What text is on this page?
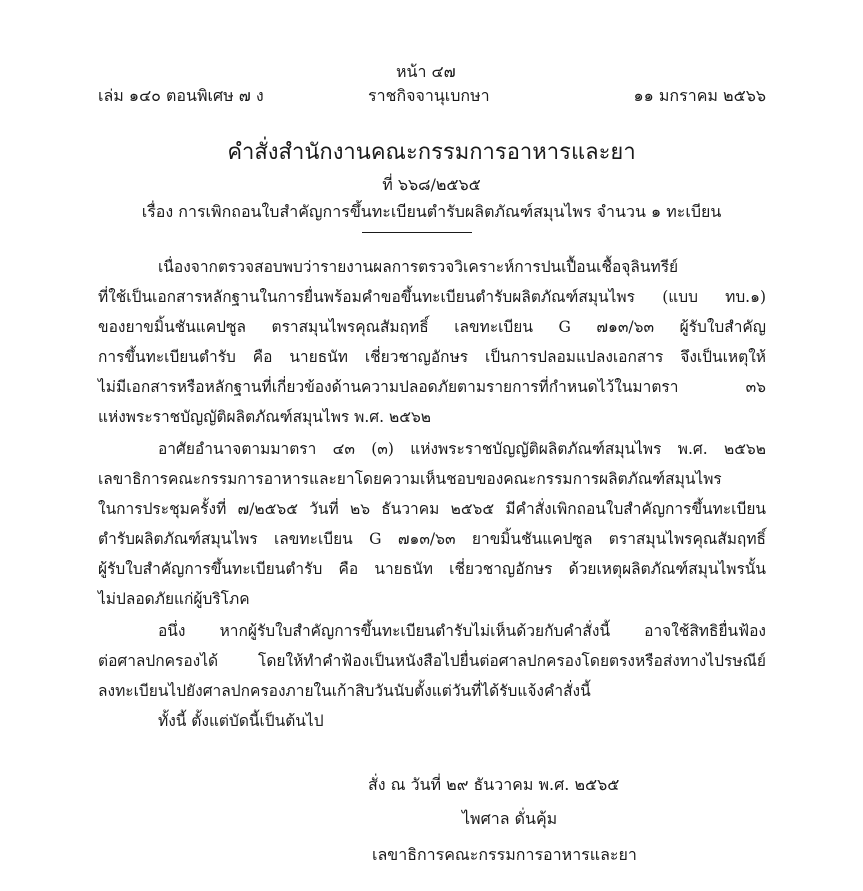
หน้า ๔๗
เล่ม ๑๔๐ ตอนพิเศษ ๗ ง	ราชกิจจานุเบกษา	๑๑ มกราคม ๒๕๖๖
คำสั่งสำนักงานคณะกรรมการอาหารและยา
ที่ ๖๖๘/๒๕๖๕
เรื่อง การเพิกถอนใบสำคัญการขึ้นทะเบียนตำรับผลิตภัณฑ์สมุนไพร จำนวน ๑ ทะเบียน
เนื่องจากตรวจสอบพบว่ารายงานผลการตรวจวิเคราะห์การปนเปื้อนเชื้อจุลินทรีย์
ที่ใช้เป็นเอกสารหลักฐานในการยื่นพร้อมคำขอขึ้นทะเบียนตำรับผลิตภัณฑ์สมุนไพร (แบบ ทบ.๑)
ของยาขมิ้นชันแคปซูล ตราสมุนไพรคุณสัมฤทธิ์ เลขทะเบียน G ๗๑๓/๖๓ ผู้รับใบสำคัญ
การขึ้นทะเบียนตำรับ คือ นายธนัท เชี่ยวชาญอักษร เป็นการปลอมแปลงเอกสาร จึงเป็นเหตุให้
ไม่มีเอกสารหรือหลักฐานที่เกี่ยวข้องด้านความปลอดภัยตามรายการที่กำหนดไว้ในมาตรา ๓๖
แห่งพระราชบัญญัติผลิตภัณฑ์สมุนไพร พ.ศ. ๒๕๖๒
อาศัยอำนาจตามมาตรา ๔๓ (๓) แห่งพระราชบัญญัติผลิตภัณฑ์สมุนไพร พ.ศ. ๒๕๖๒
เลขาธิการคณะกรรมการอาหารและยาโดยความเห็นชอบของคณะกรรมการผลิตภัณฑ์สมุนไพร
ในการประชุมครั้งที่ ๗/๒๕๖๕ วันที่ ๒๖ ธันวาคม ๒๕๖๕ มีคำสั่งเพิกถอนใบสำคัญการขึ้นทะเบียน
ตำรับผลิตภัณฑ์สมุนไพร เลขทะเบียน G ๗๑๓/๖๓ ยาขมิ้นชันแคปซูล ตราสมุนไพรคุณสัมฤทธิ์
ผู้รับใบสำคัญการขึ้นทะเบียนตำรับ คือ นายธนัท เชี่ยวชาญอักษร ด้วยเหตุผลิตภัณฑ์สมุนไพรนั้น
ไม่ปลอดภัยแก่ผู้บริโภค
อนึ่ง หากผู้รับใบสำคัญการขึ้นทะเบียนตำรับไม่เห็นด้วยกับคำสั่งนี้ อาจใช้สิทธิยื่นฟ้อง
ต่อศาลปกครองได้ โดยให้ทำคำฟ้องเป็นหนังสือไปยื่นต่อศาลปกครองโดยตรงหรือส่งทางไปรษณีย์
ลงทะเบียนไปยังศาลปกครองภายในเก้าสิบวันนับตั้งแต่วันที่ได้รับแจ้งคำสั่งนี้
ทั้งนี้ ตั้งแต่บัดนี้เป็นต้นไป
สั่ง ณ วันที่ ๒๙ ธันวาคม พ.ศ. ๒๕๖๕
ไพศาล ดั่นคุ้ม
เลขาธิการคณะกรรมการอาหารและยา
